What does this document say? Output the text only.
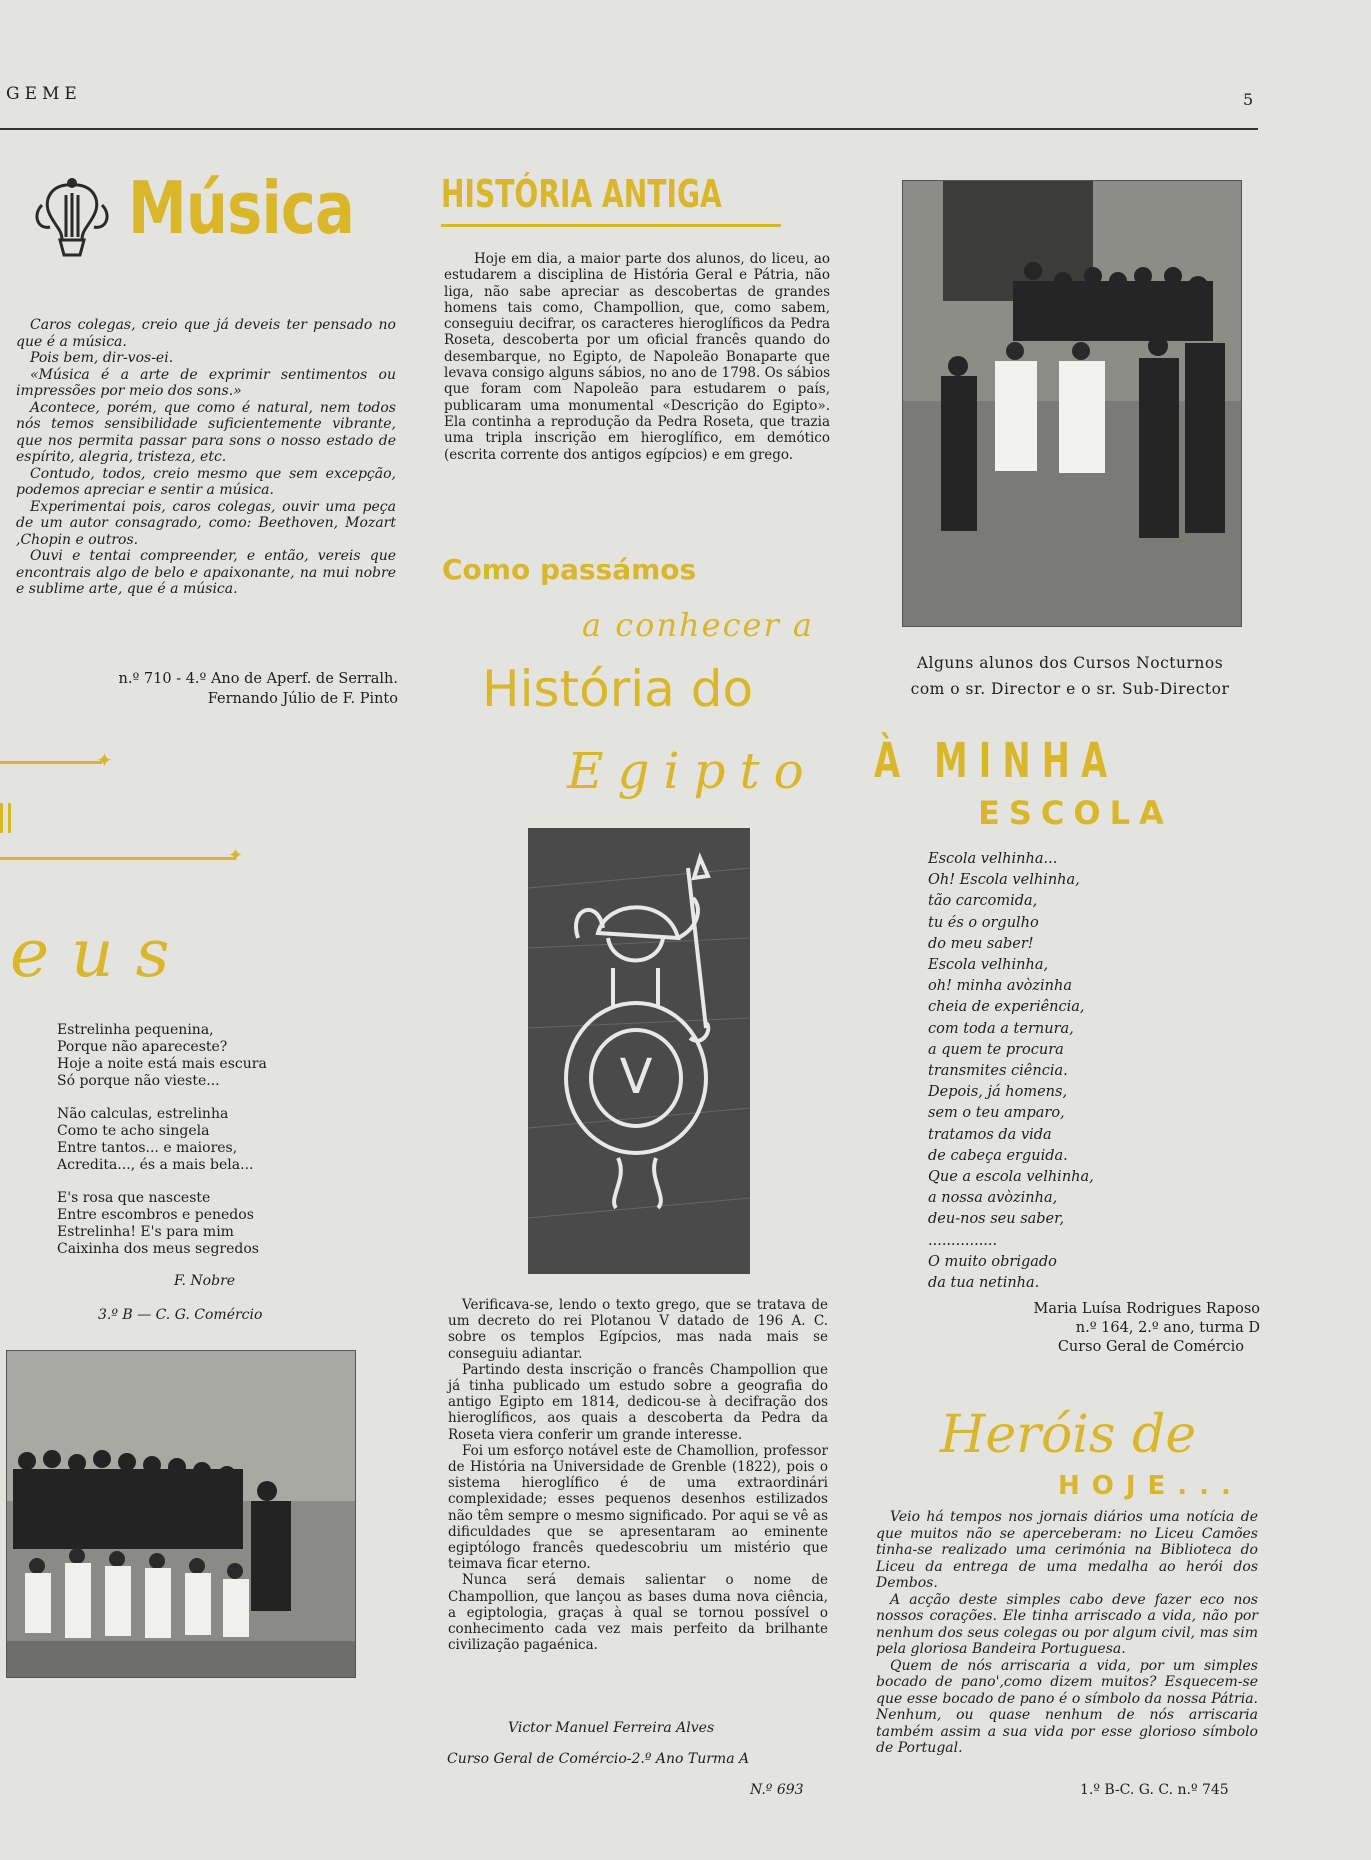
GEME	5
Música

Caros colegas, creio que já deveis ter pensado no que é a música.

Pois bem, dir-vos-ei.

«Música é a arte de exprimir sentimentos ou impressões por meio dos sons.»

Acontece, porém, que como é natural, nem todos nós temos sensibilidade suficientemente vibrante, que nos permita passar para sons o nosso estado de espírito, alegria, tristeza, etc.

Contudo, todos, creio mesmo que sem excepção, podemos apreciar e sentir a música.

Experimentai pois, caros colegas, ouvir uma peça de um autor consagrado, como: Beethoven, Mozart ,Chopin e outros.

Ouvi e tentai compreender, e então, vereis que encontrais algo de belo e apaixonante, na mui nobre e sublime arte, que é a música.

n.º 710 - 4.º Ano de Aperf. de Serralh.
Fernando Júlio de F. Pinto
✦
✦
eus
Estrelinha pequenina,
Porque não apareceste?
Hoje a noite está mais escura
Só porque não vieste...
Não calculas, estrelinha
Como te acho singela
Entre tantos... e maiores,
Acredita..., és a mais bela...
E's rosa que nasceste
Entre escombros e penedos
Estrelinha! E's para mim
Caixinha dos meus segredos
F. Nobre
3.º B — C. G. Comércio
HISTÓRIA ANTIGA
Hoje em dia, a maior parte dos alunos, do liceu, ao estudarem a disciplina de História Geral e Pátria, não liga, não sabe apreciar as descobertas de grandes homens tais como, Champollion, que, como sabem, conseguiu decifrar, os caracteres hieroglíficos da Pedra Roseta, descoberta por um oficial francês quando do desembarque, no Egipto, de Napoleão Bonaparte que levava consigo alguns sábios, no ano de 1798. Os sábios que foram com Napoleão para estudarem o país, publicaram uma monumental «Descrição do Egipto». Ela continha a reprodução da Pedra Roseta, que trazia uma tripla inscrição em hieroglífico, em demótico (escrita corrente dos antigos egípcios) e em grego.
Como passámos
a conhecer a
História do
Egipto
V

Verificava-se, lendo o texto grego, que se tratava de um decreto do rei Plotanou V datado de 196 A. C. sobre os templos Egípcios, mas nada mais se conseguiu adiantar.

Partindo desta inscrição o francês Champollion que já tinha publicado um estudo sobre a geografia do antigo Egipto em 1814, dedicou-se à decifração dos hieroglíficos, aos quais a descoberta da Pedra da Roseta viera conferir um grande interesse.

Foi um esforço notável este de Chamollion, professor de História na Universidade de Grenble (1822), pois o sistema hieroglífico é de uma extraordinári complexidade; esses pequenos desenhos estilizados não têm sempre o mesmo significado. Por aqui se vê as dificuldades que se apresentaram ao eminente egiptólogo francês quedescobriu um mistério que teimava ficar eterno.

Nunca será demais salientar o nome de Champollion, que lançou as bases duma nova ciência, a egiptologia, graças à qual se tornou possível o conhecimento cada vez mais perfeito da brilhante civilização pagaénica.

Victor Manuel Ferreira Alves
Curso Geral de Comércio-2.º Ano Turma A
N.º 693
Alguns alunos dos Cursos Nocturnos
com o sr. Director e o sr. Sub-Director
À MINHA
ESCOLA
Escola velhinha...
Oh! Escola velhinha,
tão carcomida,
tu és o orgulho
do meu saber!
Escola velhinha,
oh! minha avòzinha
cheia de experiência,
com toda a ternura,
a quem te procura
transmites ciência.
Depois, já homens,
sem o teu amparo,
tratamos da vida
de cabeça erguida.
Que a escola velhinha,
a nossa avòzinha,
deu-nos seu saber,
...............
O muito obrigado
da tua netinha.
Maria Luísa Rodrigues Raposo
n.º 164, 2.º ano, turma D
Curso Geral de Comércio
Heróis de
HOJE...

Veio há tempos nos jornais diários uma notícia de que muitos não se aperceberam: no Liceu Camões tinha-se realizado uma cerimónia na Biblioteca do Liceu da entrega de uma medalha ao herói dos Dembos.

A acção deste simples cabo deve fazer eco nos nossos corações. Ele tinha arriscado a vida, não por nenhum dos seus colegas ou por algum civil, mas sim pela gloriosa Bandeira Portuguesa.

Quem de nós arriscaria a vida, por um simples bocado de pano',como dizem muitos? Esquecem-se que esse bocado de pano é o símbolo da nossa Pátria. Nenhum, ou quase nenhum de nós arriscaria também assim a sua vida por esse glorioso símbolo de Portugal.

1.º B-C. G. C. n.º 745
